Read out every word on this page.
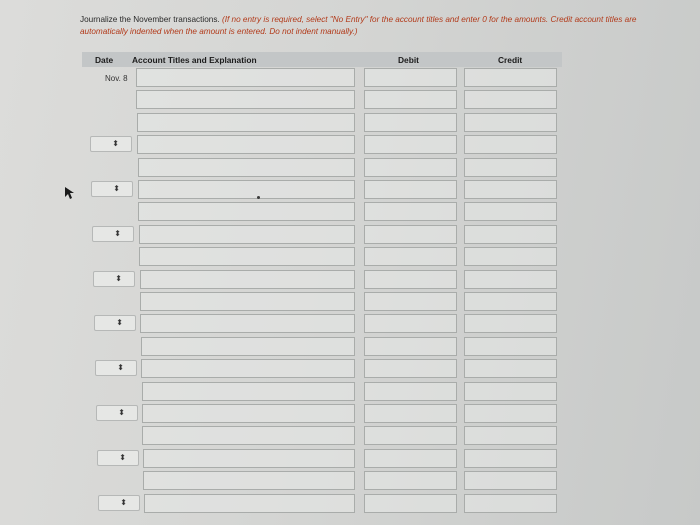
Journalize the November transactions. (If no entry is required, select "No Entry" for the account titles and enter 0 for the amounts. Credit account titles are automatically indented when the amount is entered. Do not indent manually.)
Date Account Titles and Explanation	Debit	Credit
Nov. 8
⬍
⬍
⬍
⬍
⬍
⬍
⬍
⬍
⬍
